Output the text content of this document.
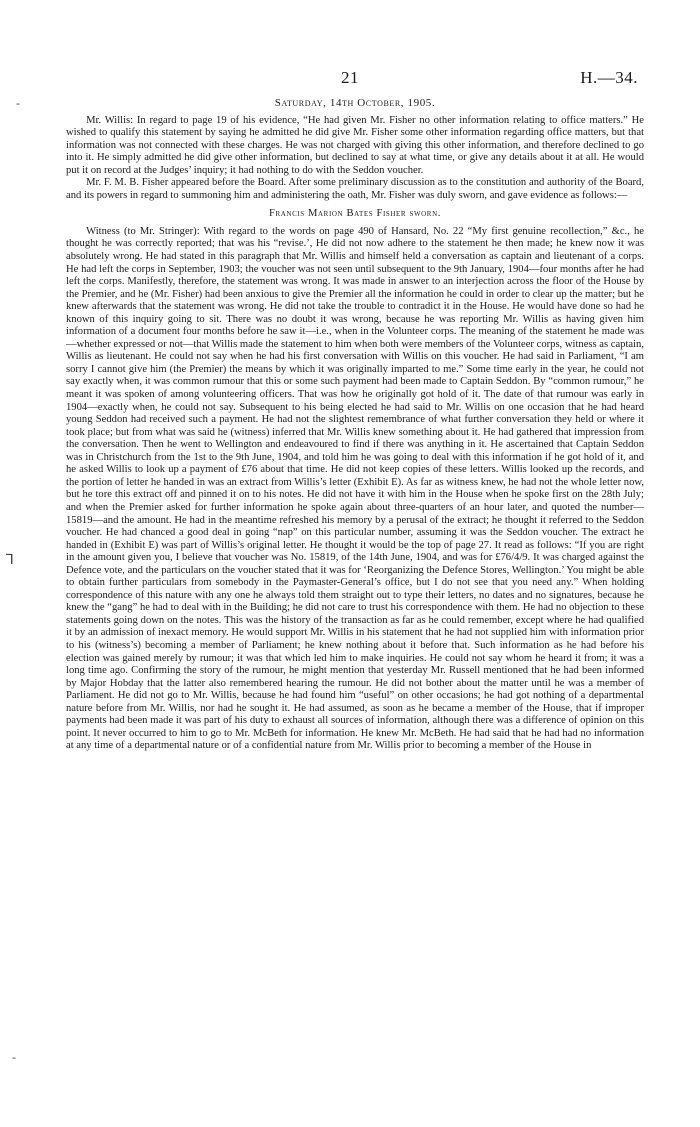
‐
⅂
‐
21	H.—34.
Saturday, 14th October, 1905.

Mr. Willis: In regard to page 19 of his evidence, “He had given Mr. Fisher no other information relating to office matters.” He wished to qualify this statement by saying he admitted he did give Mr. Fisher some other information regarding office matters, but that information was not connected with these charges. He was not charged with giving this other information, and therefore declined to go into it. He simply admitted he did give other information, but declined to say at what time, or give any details about it at all. He would put it on record at the Judges’ inquiry; it had nothing to do with the Seddon voucher.

Mr. F. M. B. Fisher appeared before the Board. After some preliminary discussion as to the constitution and authority of the Board, and its powers in regard to summoning him and administering the oath, Mr. Fisher was duly sworn, and gave evidence as follows:—

Francis Marion Bates Fisher sworn.

Witness (to Mr. Stringer): With regard to the words on page 490 of Hansard, No. 22 “My first genuine recollection,” &c., he thought he was correctly reported; that was his “revise.’, He did not now adhere to the statement he then made; he knew now it was absolutely wrong. He had stated in this paragraph that Mr. Willis and himself held a conversation as captain and lieutenant of a corps. He had left the corps in September, 1903; the voucher was not seen until subsequent to the 9th January, 1904—four months after he had left the corps. Manifestly, therefore, the statement was wrong. It was made in answer to an interjection across the floor of the House by the Premier, and he (Mr. Fisher) had been anxious to give the Premier all the information he could in order to clear up the matter; but he knew afterwards that the statement was wrong. He did not take the trouble to contradict it in the House. He would have done so had he known of this inquiry going to sit. There was no doubt it was wrong, because he was reporting Mr. Willis as having given him information of a document four months before he saw it—i.e., when in the Volunteer corps. The meaning of the statement he made was—whether expressed or not—that Willis made the statement to him when both were members of the Volunteer corps, witness as captain, Willis as lieutenant. He could not say when he had his first conversation with Willis on this voucher. He had said in Parliament, “I am sorry I cannot give him (the Premier) the means by which it was originally imparted to me.” Some time early in the year, he could not say exactly when, it was common rumour that this or some such payment had been made to Captain Seddon. By “common rumour,” he meant it was spoken of among volunteering officers. That was how he originally got hold of it. The date of that rumour was early in 1904—exactly when, he could not say. Subsequent to his being elected he had said to Mr. Willis on one occasion that he had heard young Seddon had received such a payment. He had not the slightest remembrance of what further conversation they held or where it took place; but from what was said he (witness) inferred that Mr. Willis knew something about it. He had gathered that impression from the conversation. Then he went to Wellington and endeavoured to find if there was anything in it. He ascertained that Captain Seddon was in Christchurch from the 1st to the 9th June, 1904, and told him he was going to deal with this information if he got hold of it, and he asked Willis to look up a payment of £76 about that time. He did not keep copies of these letters. Willis looked up the records, and the portion of letter he handed in was an extract from Willis’s letter (Exhibit E). As far as witness knew, he had not the whole letter now, but he tore this extract off and pinned it on to his notes. He did not have it with him in the House when he spoke first on the 28th July; and when the Premier asked for further information he spoke again about three-quarters of an hour later, and quoted the number—15819—and the amount. He had in the meantime refreshed his memory by a perusal of the extract; he thought it referred to the Seddon voucher. He had chanced a good deal in going “nap” on this particular number, assuming it was the Seddon voucher. The extract he handed in (Exhibit E) was part of Willis’s original letter. He thought it would be the top of page 27. It read as follows: “If you are right in the amount given you, I believe that voucher was No. 15819, of the 14th June, 1904, and was for £76/4/9. It was charged against the Defence vote, and the particulars on the voucher stated that it was for ‘Reorganizing the Defence Stores, Wellington.’ You might be able to obtain further particulars from somebody in the Paymaster-General’s office, but I do not see that you need any.” When holding correspondence of this nature with any one he always told them straight out to type their letters, no dates and no signatures, because he knew the “gang” he had to deal with in the Building; he did not care to trust his correspondence with them. He had no objection to these statements going down on the notes. This was the history of the transaction as far as he could remember, except where he had qualified it by an admission of inexact memory. He would support Mr. Willis in his statement that he had not supplied him with information prior to his (witness’s) becoming a member of Parliament; he knew nothing about it before that. Such information as he had before his election was gained merely by rumour; it was that which led him to make inquiries. He could not say whom he heard it from; it was a long time ago. Confirming the story of the rumour, he might mention that yesterday Mr. Russell mentioned that he had been informed by Major Hobday that the latter also remembered hearing the rumour. He did not bother about the matter until he was a member of Parliament. He did not go to Mr. Willis, because he had found him “useful” on other occasions; he had got nothing of a departmental nature before from Mr. Willis, nor had he sought it. He had assumed, as soon as he became a member of the House, that if improper payments had been made it was part of his duty to exhaust all sources of information, although there was a difference of opinion on this point. It never occurred to him to go to Mr. McBeth for information. He knew Mr. McBeth. He had said that he had had no information at any time of a departmental nature or of a confidential nature from Mr. Willis prior to becoming a member of the House in
